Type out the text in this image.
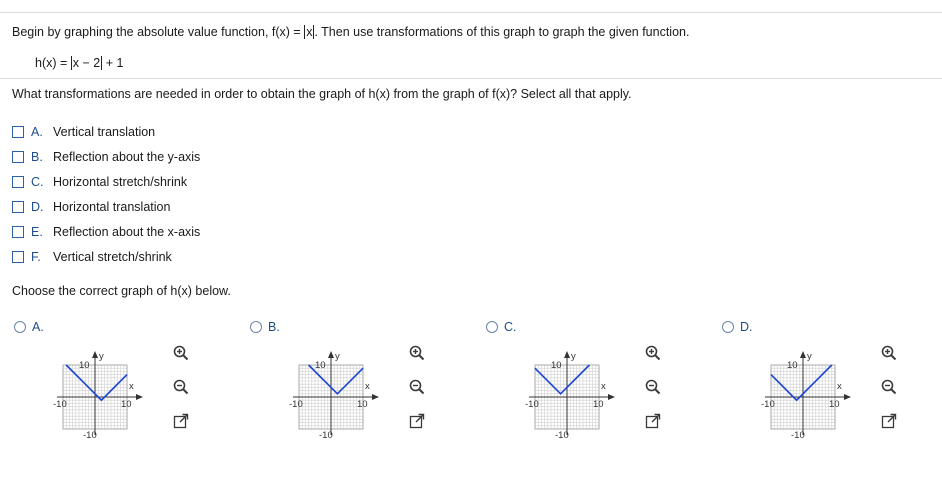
Begin by graphing the absolute value function, f(x) = x . Then use transformations of this graph to graph the given function.
h(x) = x − 2 + 1
What transformations are needed in order to obtain the graph of h(x) from the graph of f(x)? Select all that apply.
A. Vertical translation
B. Reflection about the y-axis
C. Horizontal stretch/shrink
D. Horizontal translation
E. Reflection about the x-axis
F. Vertical stretch/shrink
Choose the correct graph of h(x) below.
A.	B.	C.	D.
y
x
10
-10
-10	10
y
x
10
-10
-10	10
y
x
10
-10
-10	10
y
x
10
-10
-10	10
